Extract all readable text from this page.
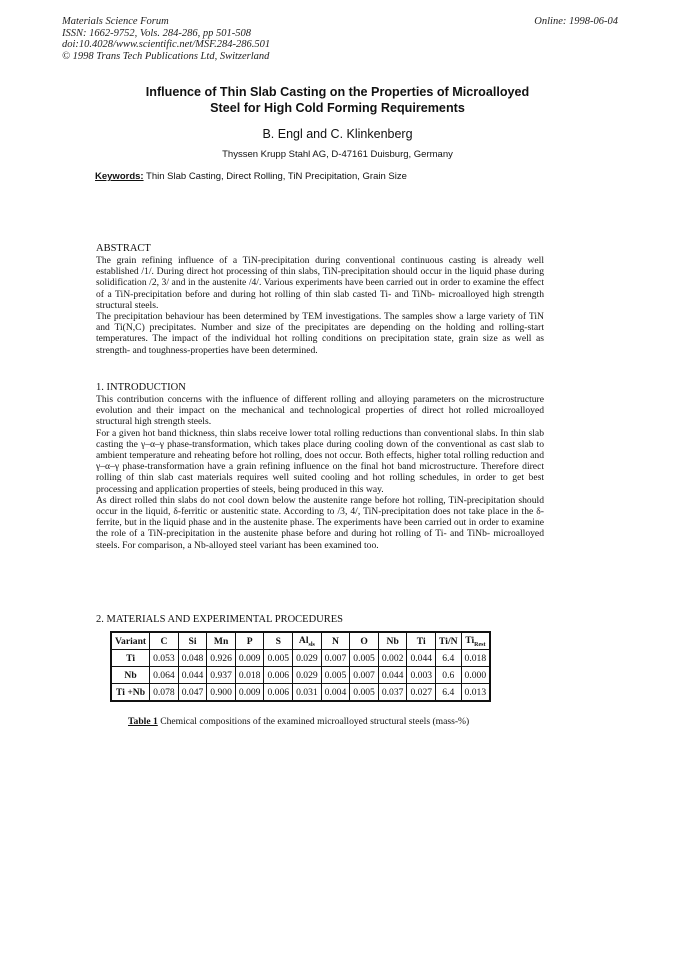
Materials Science Forum
ISSN: 1662-9752, Vols. 284-286, pp 501-508
doi:10.4028/www.scientific.net/MSF.284-286.501
© 1998 Trans Tech Publications Ltd, Switzerland
Online: 1998-06-04
Influence of Thin Slab Casting on the Properties of Microalloyed
Steel for High Cold Forming Requirements
B. Engl and C. Klinkenberg
Thyssen Krupp Stahl AG, D-47161 Duisburg, Germany
Keywords: Thin Slab Casting, Direct Rolling, TiN Precipitation, Grain Size

ABSTRACT

The grain refining influence of a TiN-precipitation during conventional continuous casting is already well established /1/. During direct hot processing of thin slabs, TiN-precipitation should occur in the liquid phase during solidification /2, 3/ and in the austenite /4/. Various experiments have been carried out in order to examine the effect of a TiN-precipitation before and during hot rolling of thin slab casted Ti- and TiNb- microalloyed high strength structural steels.

The precipitation behaviour has been determined by TEM investigations. The samples show a large variety of TiN and Ti(N,C) precipitates. Number and size of the precipitates are depending on the holding and rolling-start temperatures. The impact of the individual hot rolling conditions on precipitation state, grain size as well as strength- and toughness-properties have been determined.

1. INTRODUCTION

This contribution concerns with the influence of different rolling and alloying parameters on the microstructure evolution and their impact on the mechanical and technological properties of direct hot rolled microalloyed structural high strength steels.

For a given hot band thickness, thin slabs receive lower total rolling reductions than conventional slabs. In thin slab casting the γ–α–γ phase-transformation, which takes place during cooling down of the conventional as cast slab to ambient temperature and reheating before hot rolling, does not occur. Both effects, higher total rolling reduction and γ–α–γ phase-transformation have a grain refining influence on the final hot band microstructure. Therefore direct rolling of thin slab cast materials requires well suited cooling and hot rolling schedules, in order to get best processing and application properties of steels, being produced in this way.

As direct rolled thin slabs do not cool down below the austenite range before hot rolling, TiN-precipitation should occur in the liquid, δ-ferritic or austenitic state. According to /3, 4/, TiN-precipitation does not take place in the δ-ferrite, but in the liquid phase and in the austenite phase. The experiments have been carried out in order to examine the role of a TiN-precipitation in the austenite phase before and during hot rolling of Ti- and TiNb- microalloyed steels. For comparison, a Nb-alloyed steel variant has been examined too.

2. MATERIALS AND EXPERIMENTAL PROCEDURES

Variant	C	Si	Mn	P	S	$Al_{sls}$	N	O	Nb	Ti	Ti/N	$Ti_{Rest}$
Ti	0.053	0.048	0.926	0.009	0.005	0.029	0.007	0.005	0.002	0.044	6.4	0.018
Nb	0.064	0.044	0.937	0.018	0.006	0.029	0.005	0.007	0.044	0.003	0.6	0.000
Ti +Nb	0.078	0.047	0.900	0.009	0.006	0.031	0.004	0.005	0.037	0.027	6.4	0.013
Table 1 Chemical compositions of the examined microalloyed structural steels (mass-%)
